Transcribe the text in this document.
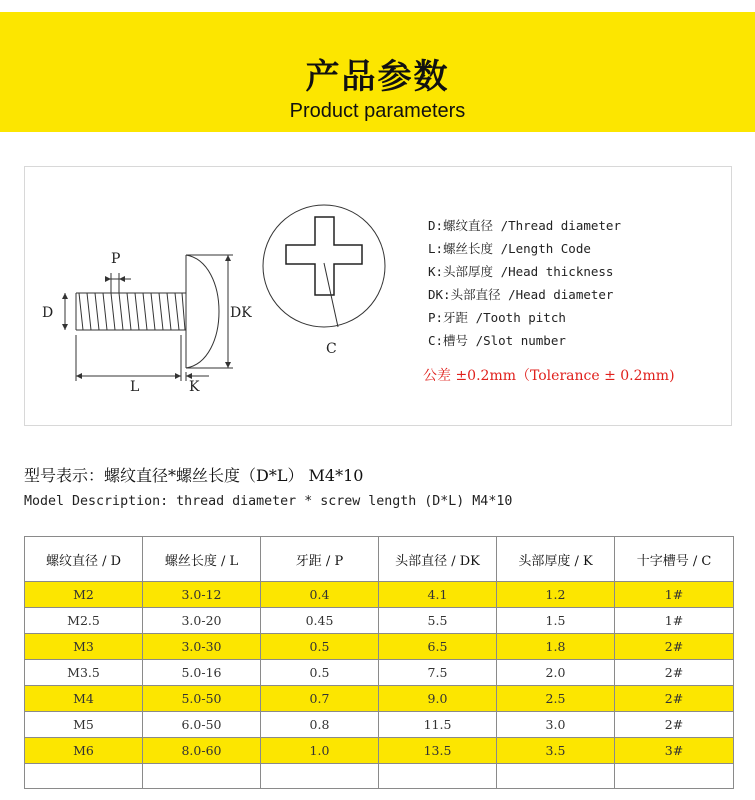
产品参数
Product parameters
P
D	DK
L	K
C
D:螺纹直径 /Thread diameter
L:螺丝长度 /Length Code
K:头部厚度 /Head thickness
DK:头部直径 /Head diameter
P:牙距 /Tooth pitch
C:槽号 /Slot number
公差 ±0.2mm（Tolerance ± 0.2mm)
型号表示：螺纹直径*螺丝长度（D*L） M4*10
Model Description: thread diameter * screw length (D*L) M4*10
螺纹直径 / D	螺丝长度 / L	牙距 / P	头部直径 / DK	头部厚度 / K	十字槽号 / C
M2	3.0-12	0.4	4.1	1.2	1#
M2.5	3.0-20	0.45	5.5	1.5	1#
M3	3.0-30	0.5	6.5	1.8	2#
M3.5	5.0-16	0.5	7.5	2.0	2#
M4	5.0-50	0.7	9.0	2.5	2#
M5	6.0-50	0.8	11.5	3.0	2#
M6	8.0-60	1.0	13.5	3.5	3#
